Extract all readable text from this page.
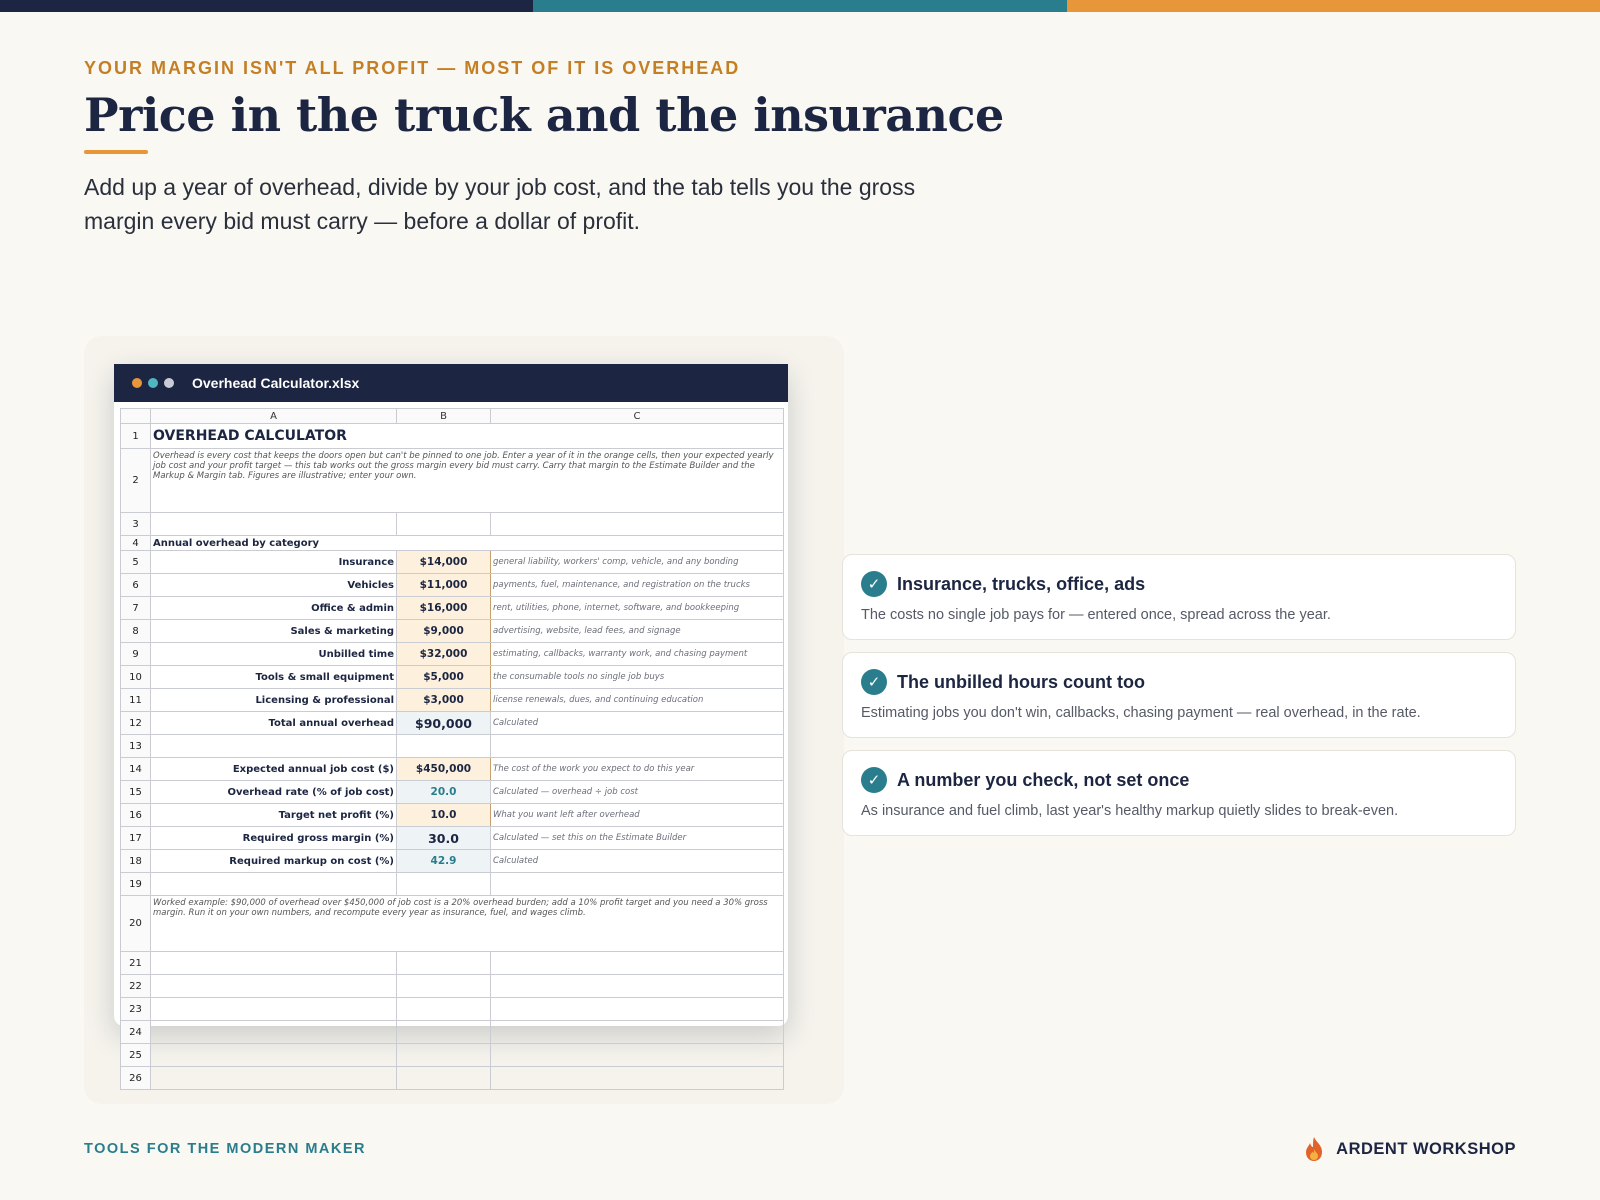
YOUR MARGIN ISN'T ALL PROFIT — MOST OF IT IS OVERHEAD
Price in the truck and the insurance

Add up a year of overhead, divide by your job cost, and the tab tells you the gross margin every bid must carry — before a dollar of profit.

Overhead Calculator.xlsx
	A	B	C
1	OVERHEAD CALCULATOR		
2	Overhead is every cost that keeps the doors open but can't be pinned to one job. Enter a year of it in the orange cells, then your expected yearly job cost and your profit target — this tab works out the gross margin every bid must carry. Carry that margin to the Estimate Builder and the Markup & Margin tab. Figures are illustrative; enter your own.		
3			
4	Annual overhead by category		
5	Insurance	$14,000	general liability, workers' comp, vehicle, and any bonding
6	Vehicles	$11,000	payments, fuel, maintenance, and registration on the trucks
7	Office & admin	$16,000	rent, utilities, phone, internet, software, and bookkeeping
8	Sales & marketing	$9,000	advertising, website, lead fees, and signage
9	Unbilled time	$32,000	estimating, callbacks, warranty work, and chasing payment
10	Tools & small equipment	$5,000	the consumable tools no single job buys
11	Licensing & professional	$3,000	license renewals, dues, and continuing education
12	Total annual overhead	$90,000	Calculated
13			
14	Expected annual job cost ($)	$450,000	The cost of the work you expect to do this year
15	Overhead rate (% of job cost)	20.0	Calculated — overhead ÷ job cost
16	Target net profit (%)	10.0	What you want left after overhead
17	Required gross margin (%)	30.0	Calculated — set this on the Estimate Builder
18	Required markup on cost (%)	42.9	Calculated
19			
20	Worked example: $90,000 of overhead over $450,000 of job cost is a 20% overhead burden; add a 10% profit target and you need a 30% gross margin. Run it on your own numbers, and recompute every year as insurance, fuel, and wages climb.		
21			
22			
23			
24			
25			
26			
✓ Insurance, trucks, office, ads
The costs no single job pays for — entered once, spread across the year.
✓ The unbilled hours count too
Estimating jobs you don't win, callbacks, chasing payment — real overhead, in the rate.
✓ A number you check, not set once
As insurance and fuel climb, last year's healthy markup quietly slides to break-even.
TOOLS FOR THE MODERN MAKER	ARDENT WORKSHOP
